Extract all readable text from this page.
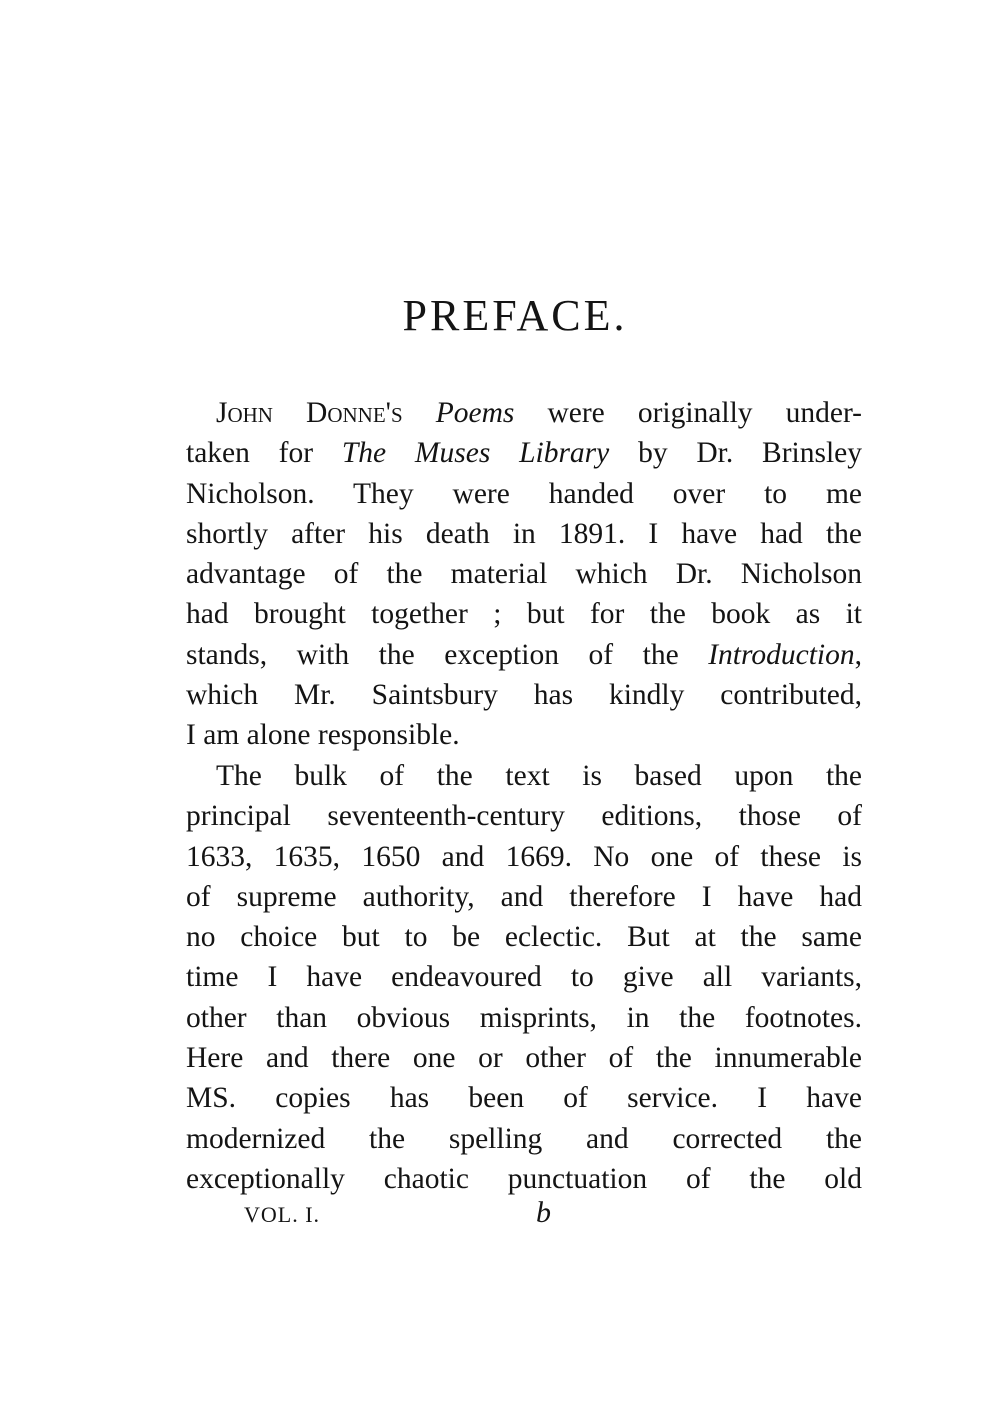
PREFACE.
John Donne's Poems were originally under-
taken for The Muses Library by Dr. Brinsley
Nicholson. They were handed over to me
shortly after his death in 1891. I have had the
advantage of the material which Dr. Nicholson
had brought together ; but for the book as it
stands, with the exception of the Introduction,
which Mr. Saintsbury has kindly contributed,
I am alone responsible.
The bulk of the text is based upon the
principal seventeenth-century editions, those of
1633, 1635, 1650 and 1669. No one of these is
of supreme authority, and therefore I have had
no choice but to be eclectic. But at the same
time I have endeavoured to give all variants,
other than obvious misprints, in the footnotes.
Here and there one or other of the innumerable
MS. copies has been of service. I have
modernized the spelling and corrected the
exceptionally chaotic punctuation of the old
VOL. I.	b
